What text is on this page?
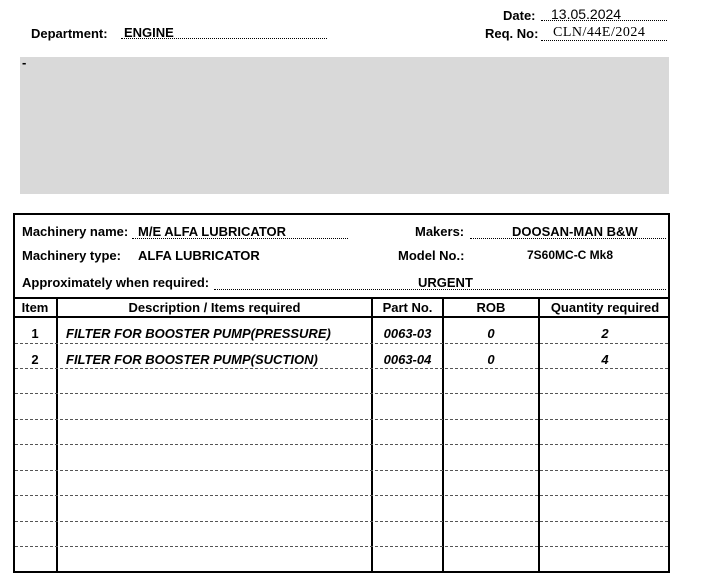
Department: ENGINE
Date: 13.05.2024
Req. No: CLN/44E/2024
-
Machinery name: M/E ALFA LUBRICATOR	Makers:	DOOSAN-MAN B&W
Machinery type: ALFA LUBRICATOR	Model No.:	7S60MC-C Mk8
Approximately when required:	URGENT
Item	Description / Items required	Part No.	ROB	Quantity required
1	FILTER FOR BOOSTER PUMP(PRESSURE)	0063-03	0	2
2	FILTER FOR BOOSTER PUMP(SUCTION)	0063-04	0	4
